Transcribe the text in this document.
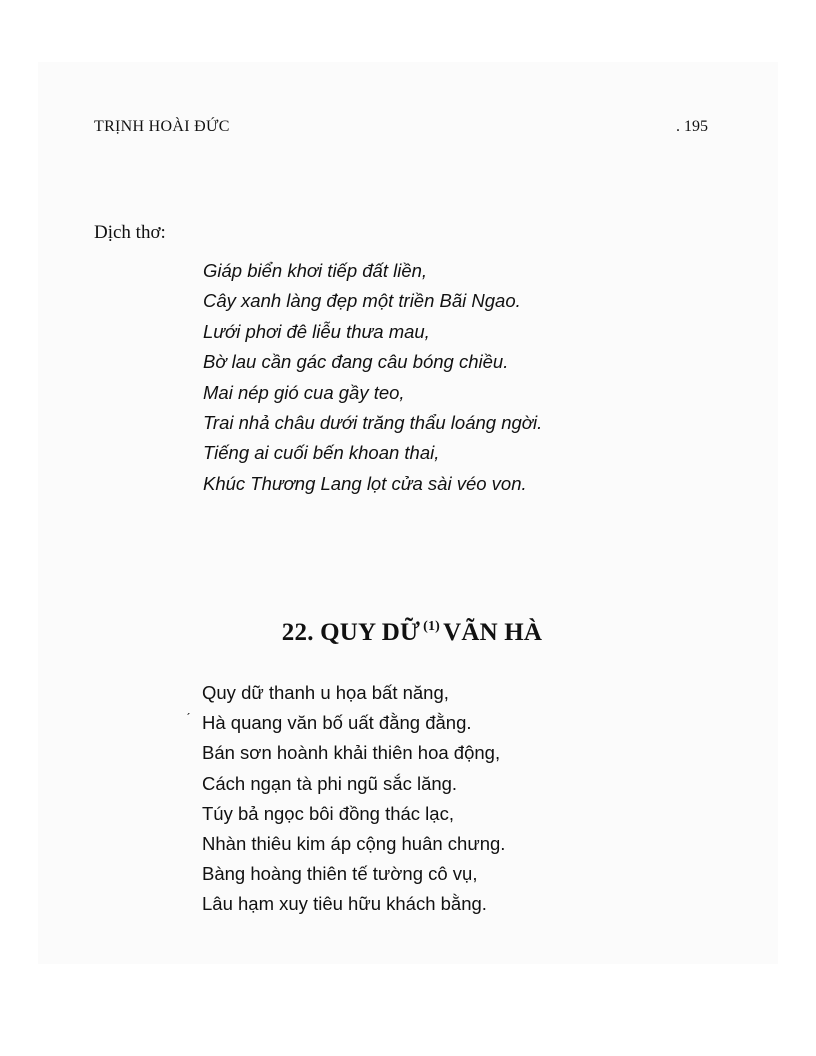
TRỊNH HOÀI ĐỨC	. 195
Dịch thơ:
Giáp biển khơi tiếp đất liền,
Cây xanh làng đẹp một triền Bãi Ngao.
Lưới phơi đê liễu thưa mau,
Bờ lau cần gác đang câu bóng chiều.
Mai nép gió cua gầy teo,
Trai nhả châu dưới trăng thẩu loáng ngời.
Tiếng ai cuối bến khoan thai,
Khúc Thương Lang lọt cửa sài véo von.
22. QUY DỮ $^{(1)}$ VÃN HÀ
ˊ
Quy dữ thanh u họa bất năng,
Hà quang văn bố uất đằng đằng.
Bán sơn hoành khải thiên hoa động,
Cách ngạn tà phi ngũ sắc lăng.
Túy bả ngọc bôi đồng thác lạc,
Nhàn thiêu kim áp cộng huân chưng.
Bàng hoàng thiên tế tường cô vụ,
Lâu hạm xuy tiêu hữu khách bằng.
